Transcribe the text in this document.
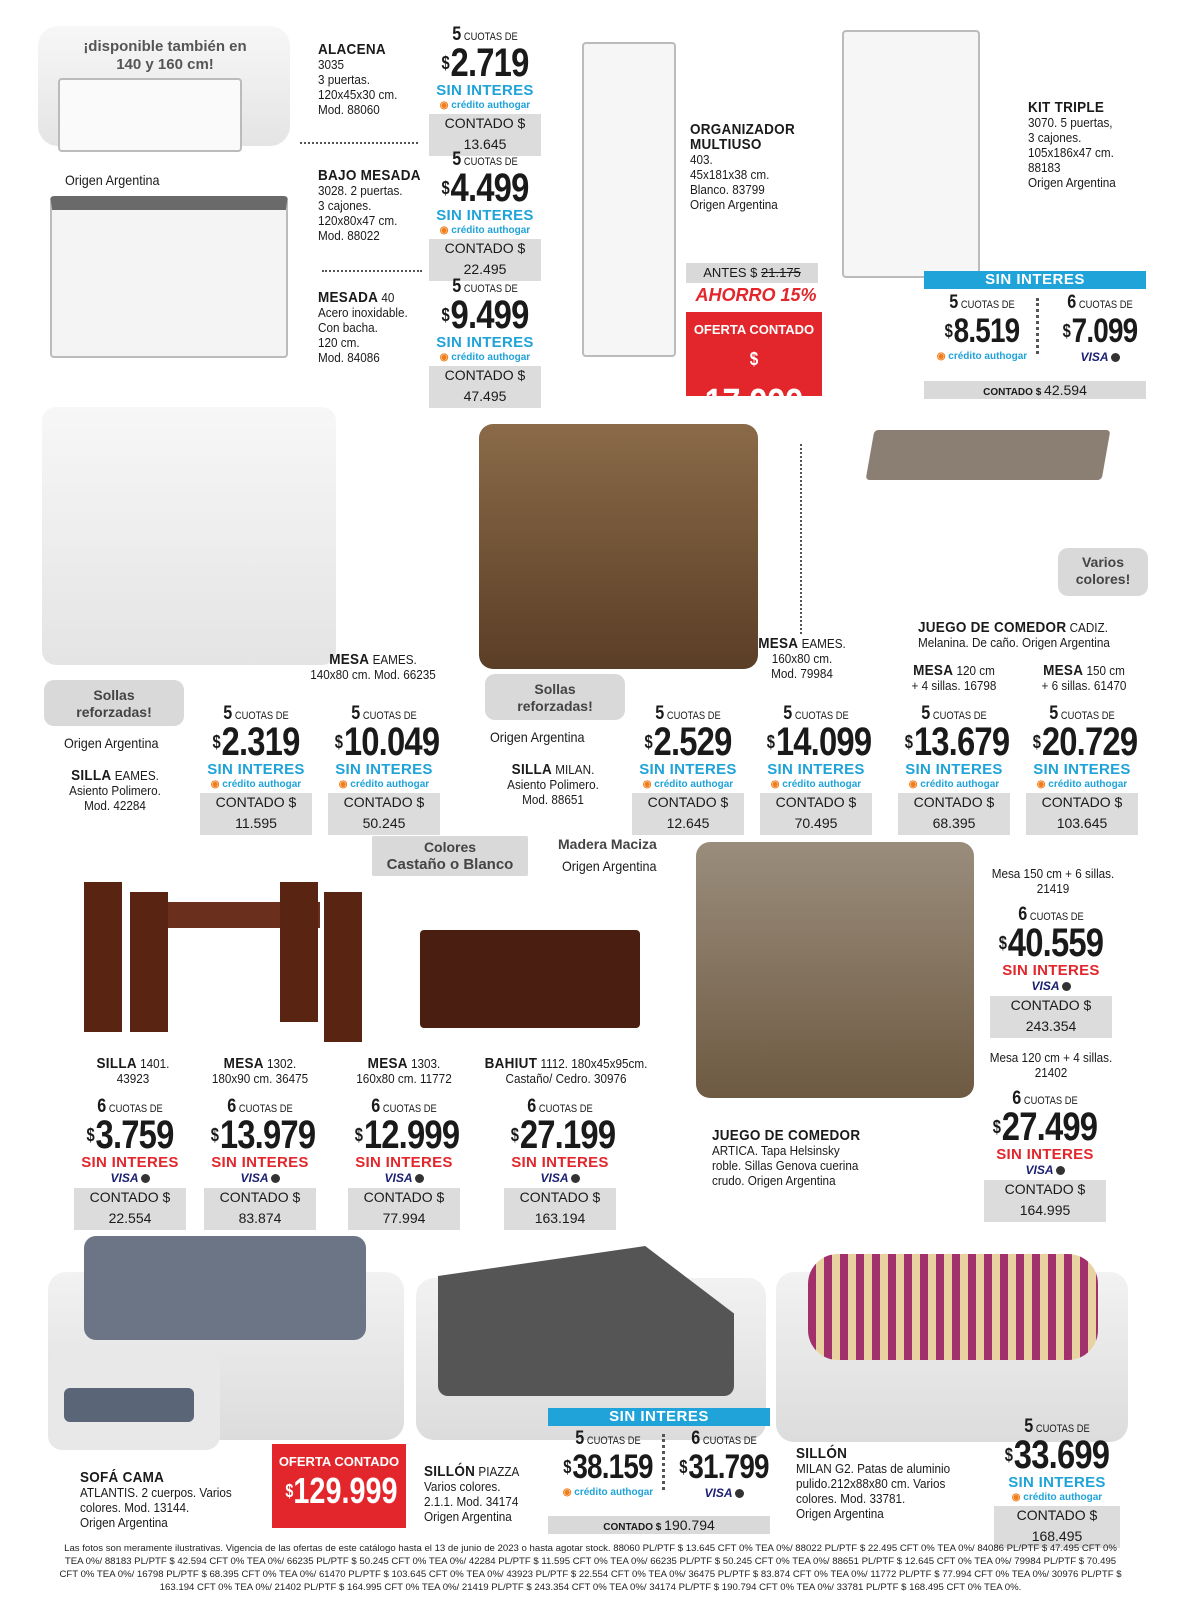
¡disponible también en 140 y 160 cm!
Origen Argentina
ALACENA
3035
3 puertas.
120x45x30 cm.
Mod. 88060
5 CUOTAS DE
$2.719
SIN INTERES
◉ crédito authogar
CONTADO $ 13.645
BAJO MESADA
3028. 2 puertas.
3 cajones.
120x80x47 cm.
Mod. 88022
5 CUOTAS DE
$4.499
SIN INTERES
◉ crédito authogar
CONTADO $ 22.495
MESADA 40
Acero inoxidable.
Con bacha.
120 cm.
Mod. 84086
5 CUOTAS DE
$9.499
SIN INTERES
◉ crédito authogar
CONTADO $ 47.495
ORGANIZADOR
MULTIUSO
403.
45x181x38 cm.
Blanco. 83799
Origen Argentina
ANTES $ 21.175
AHORRO 15%
OFERTA CONTADO
$ 17.999
KIT TRIPLE
3070. 5 puertas,
3 cajones.
105x186x47 cm.
88183
Origen Argentina
SIN INTERES
5 CUOTAS DE
$8.519
◉ crédito authogar
6 CUOTAS DE
$7.099
VISA
CONTADO $ 42.594
MESA EAMES.
140x80 cm. Mod. 66235
Sollas reforzadas!
Origen Argentina
SILLA EAMES.
Asiento Polimero.
Mod. 42284
5 CUOTAS DE
$2.319
SIN INTERES
◉ crédito authogar
CONTADO $ 11.595
5 CUOTAS DE
$10.049
SIN INTERES
◉ crédito authogar
CONTADO $ 50.245
MESA EAMES.
160x80 cm.
Mod. 79984
Sollas reforzadas!
Origen Argentina
SILLA MILAN.
Asiento Polimero.
Mod. 88651
5 CUOTAS DE
$2.529
SIN INTERES
◉ crédito authogar
CONTADO $ 12.645
5 CUOTAS DE
$14.099
SIN INTERES
◉ crédito authogar
CONTADO $ 70.495
Varios colores!
JUEGO DE COMEDOR CADIZ.
Melanina. De caño. Origen Argentina
MESA 120 cm
+ 4 sillas. 16798
MESA 150 cm
+ 6 sillas. 61470
5 CUOTAS DE
$13.679
SIN INTERES
◉ crédito authogar
CONTADO $ 68.395
5 CUOTAS DE
$20.729
SIN INTERES
◉ crédito authogar
CONTADO $ 103.645
Colores
Castaño o Blanco
Madera Maciza
Origen Argentina
SILLA 1401.
43923
MESA 1302.
180x90 cm. 36475
MESA 1303.
160x80 cm. 11772
BAHIUT 1112. 180x45x95cm.
Castaño/ Cedro. 30976
6 CUOTAS DE
$3.759
SIN INTERES
VISA
CONTADO $ 22.554
6 CUOTAS DE
$13.979
SIN INTERES
VISA
CONTADO $ 83.874
6 CUOTAS DE
$12.999
SIN INTERES
VISA
CONTADO $ 77.994
6 CUOTAS DE
$27.199
SIN INTERES
VISA
CONTADO $ 163.194
JUEGO DE COMEDOR
ARTICA. Tapa Helsinsky
roble. Sillas Genova cuerina
crudo. Origen Argentina
Mesa 150 cm + 6 sillas.
21419
6 CUOTAS DE
$40.559
SIN INTERES
VISA
CONTADO $ 243.354
Mesa 120 cm + 4 sillas.
21402
6 CUOTAS DE
$27.499
SIN INTERES
VISA
CONTADO $ 164.995
SOFÁ CAMA
ATLANTIS. 2 cuerpos. Varios
colores. Mod. 13144.
Origen Argentina
OFERTA CONTADO
$129.999 SILLÓN PIAZZA
Varios colores.
2.1.1. Mod. 34174
Origen Argentina
SIN INTERES
5 CUOTAS DE
$38.159
◉ crédito authogar
6 CUOTAS DE
$31.799
VISA
CONTADO $ 190.794
SILLÓN
MILAN G2. Patas de aluminio
pulido.212x88x80 cm. Varios
colores. Mod. 33781.
Origen Argentina
5 CUOTAS DE
$33.699
SIN INTERES
◉ crédito authogar
CONTADO $ 168.495
Las fotos son meramente ilustrativas. Vigencia de las ofertas de este catálogo hasta el 13 de junio de 2023 o hasta agotar stock. 88060 PL/PTF $ 13.645 CFT 0% TEA 0%/ 88022 PL/PTF $ 22.495 CFT 0% TEA 0%/ 84086 PL/PTF $ 47.495 CFT 0% TEA 0%/ 88183 PL/PTF $ 42.594 CFT 0% TEA 0%/ 66235 PL/PTF $ 50.245 CFT 0% TEA 0%/ 42284 PL/PTF $ 11.595 CFT 0% TEA 0%/ 66235 PL/PTF $ 50.245 CFT 0% TEA 0%/ 88651 PL/PTF $ 12.645 CFT 0% TEA 0%/ 79984 PL/PTF $ 70.495 CFT 0% TEA 0%/ 16798 PL/PTF $ 68.395 CFT 0% TEA 0%/ 61470 PL/PTF $ 103.645 CFT 0% TEA 0%/ 43923 PL/PTF $ 22.554 CFT 0% TEA 0%/ 36475 PL/PTF $ 83.874 CFT 0% TEA 0%/ 11772 PL/PTF $ 77.994 CFT 0% TEA 0%/ 30976 PL/PTF $ 163.194 CFT 0% TEA 0%/ 21402 PL/PTF $ 164.995 CFT 0% TEA 0%/ 21419 PL/PTF $ 243.354 CFT 0% TEA 0%/ 34174 PL/PTF $ 190.794 CFT 0% TEA 0%/ 33781 PL/PTF $ 168.495 CFT 0% TEA 0%.
